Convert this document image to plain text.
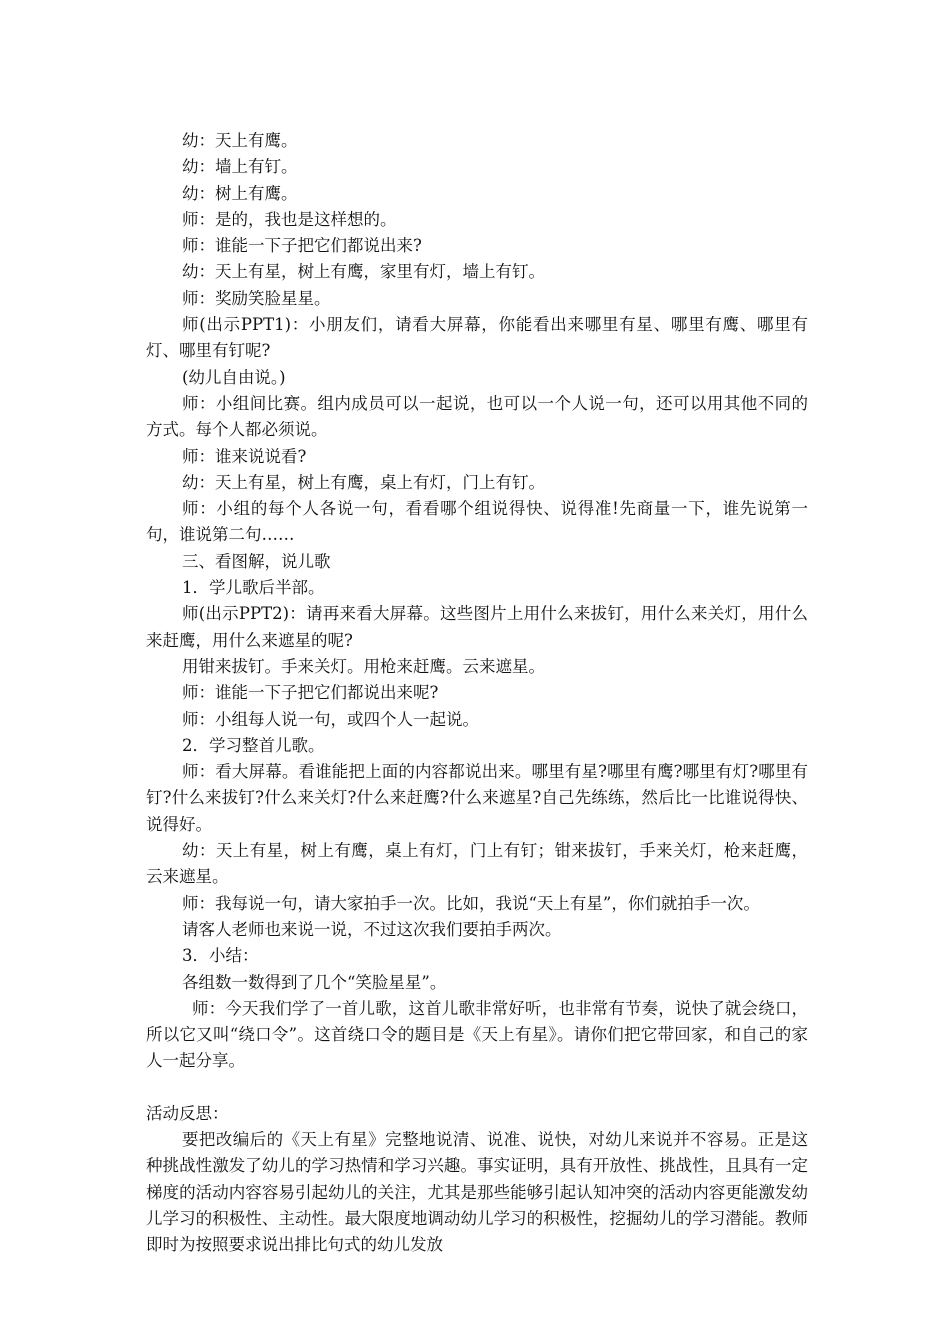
幼：天上有鹰。

幼：墙上有钉。

幼：树上有鹰。

师：是的，我也是这样想的。

师：谁能一下子把它们都说出来?

幼：天上有星，树上有鹰，家里有灯，墙上有钉。

师：奖励笑脸星星。

师(出示PPT1)：小朋友们，请看大屏幕，你能看出来哪里有星、哪里有鹰、哪里有灯、哪里有钉呢?

(幼儿自由说。)

师：小组间比赛。组内成员可以一起说，也可以一个人说一句，还可以用其他不同的方式。每个人都必须说。

师：谁来说说看?

幼：天上有星，树上有鹰，桌上有灯，门上有钉。

师：小组的每个人各说一句，看看哪个组说得快、说得准!先商量一下，谁先说第一句，谁说第二句……

三、看图解，说儿歌

1．学儿歌后半部。

师(出示PPT2)：请再来看大屏幕。这些图片上用什么来拔钉，用什么来关灯，用什么来赶鹰，用什么来遮星的呢?

用钳来拔钉。手来关灯。用枪来赶鹰。云来遮星。

师：谁能一下子把它们都说出来呢?

师：小组每人说一句，或四个人一起说。

2．学习整首儿歌。

师：看大屏幕。看谁能把上面的内容都说出来。哪里有星?哪里有鹰?哪里有灯?哪里有钉?什么来拔钉?什么来关灯?什么来赶鹰?什么来遮星?自己先练练，然后比一比谁说得快、说得好。

幼：天上有星，树上有鹰，桌上有灯，门上有钉；钳来拔钉，手来关灯，枪来赶鹰，云来遮星。

师：我每说一句，请大家拍手一次。比如，我说“天上有星”，你们就拍手一次。

请客人老师也来说一说，不过这次我们要拍手两次。

3．小结：

各组数一数得到了几个“笑脸星星”。

师：今天我们学了一首儿歌，这首儿歌非常好听，也非常有节奏，说快了就会绕口，所以它又叫“绕口令”。这首绕口令的题目是《天上有星》。请你们把它带回家，和自己的家人一起分享。

活动反思：

要把改编后的《天上有星》完整地说清、说准、说快，对幼儿来说并不容易。正是这种挑战性激发了幼儿的学习热情和学习兴趣。事实证明，具有开放性、挑战性，且具有一定梯度的活动内容容易引起幼儿的关注，尤其是那些能够引起认知冲突的活动内容更能激发幼儿学习的积极性、主动性。最大限度地调动幼儿学习的积极性，挖掘幼儿的学习潜能。教师即时为按照要求说出排比句式的幼儿发放
